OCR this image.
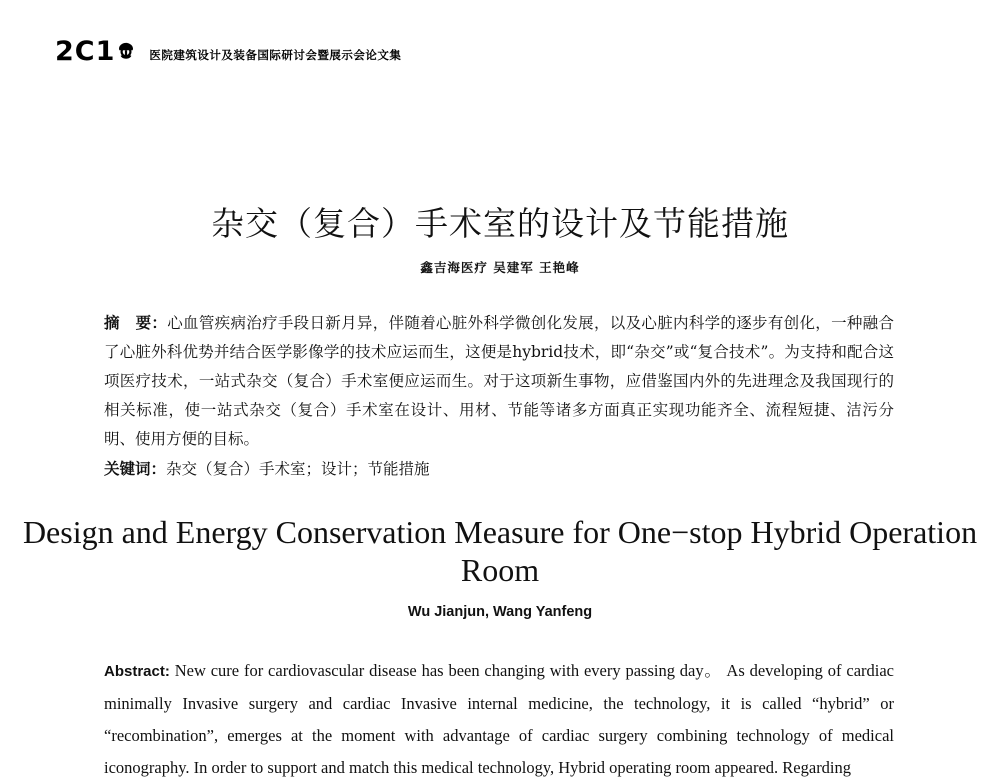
2C1	医院建筑设计及装备国际研讨会暨展示会论文集
杂交（复合）手术室的设计及节能措施
鑫吉海医疗 吴建军 王艳峰
摘　要：心血管疾病治疗手段日新月异，伴随着心脏外科学微创化发展，以及心脏内科学的逐步有创化，一种融合了心脏外科优势并结合医学影像学的技术应运而生，这便是hybrid技术，即“杂交”或“复合技术”。为支持和配合这项医疗技术，一站式杂交（复合）手术室便应运而生。对于这项新生事物，应借鉴国内外的先进理念及我国现行的相关标准，使一站式杂交（复合）手术室在设计、用材、节能等诸多方面真正实现功能齐全、流程短捷、洁污分明、使用方便的目标。
关键词：杂交（复合）手术室；设计；节能措施
Design and Energy Conservation Measure for One−stop Hybrid Operation Room
Wu Jianjun, Wang Yanfeng
Abstract: New cure for cardiovascular disease has been changing with every passing day。 As developing of cardiac minimally Invasive surgery and cardiac Invasive internal medicine, the technology, it is called “hybrid” or “recombination”, emerges at the moment with advantage of cardiac surgery combining technology of medical iconography. In order to support and match this medical technology, Hybrid operating room appeared. Regarding
